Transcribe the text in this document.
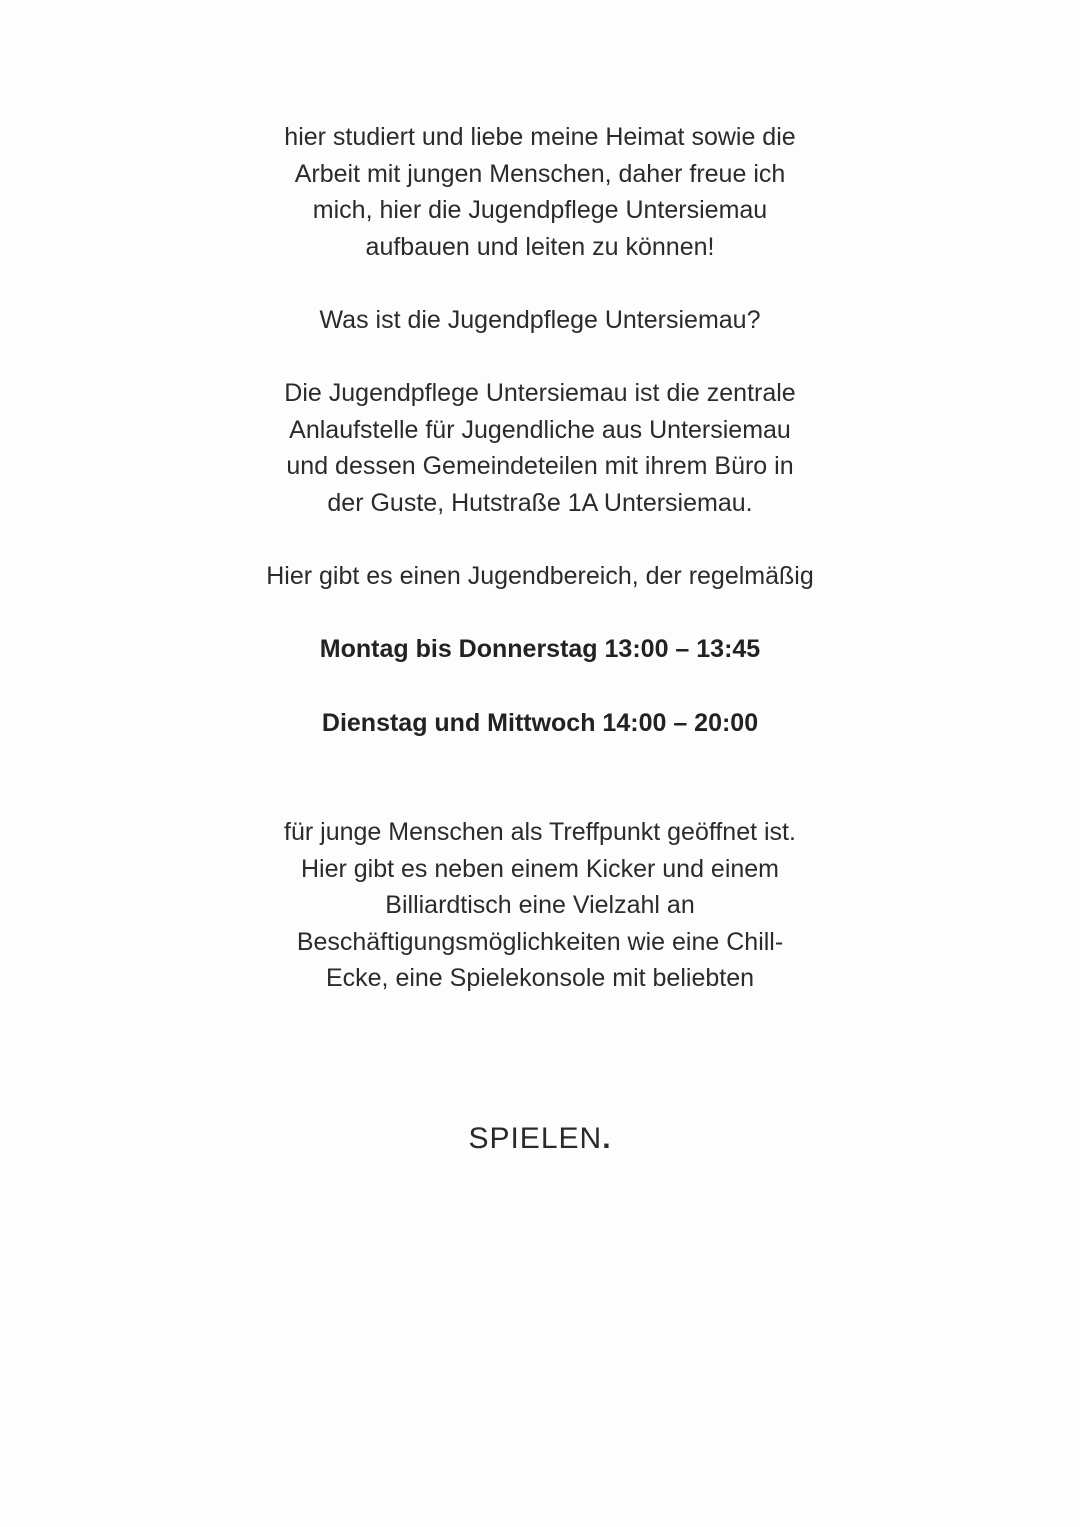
hier studiert und liebe meine Heimat sowie die
Arbeit mit jungen Menschen, daher freue ich
mich, hier die Jugendpflege Untersiemau
aufbauen und leiten zu können!
Was ist die Jugendpflege Untersiemau?
Die Jugendpflege Untersiemau ist die zentrale
Anlaufstelle für Jugendliche aus Untersiemau
und dessen Gemeindeteilen mit ihrem Büro in
der Guste, Hutstraße 1A Untersiemau.
Hier gibt es einen Jugendbereich, der regelmäßig
Montag bis Donnerstag 13:00 – 13:45
Dienstag und Mittwoch 14:00 – 20:00
für junge Menschen als Treffpunkt geöffnet ist.
Hier gibt es neben einem Kicker und einem
Billiardtisch eine Vielzahl an
Beschäftigungsmöglichkeiten wie eine Chill-
Ecke, eine Spielekonsole mit beliebten
SPIELEN.
